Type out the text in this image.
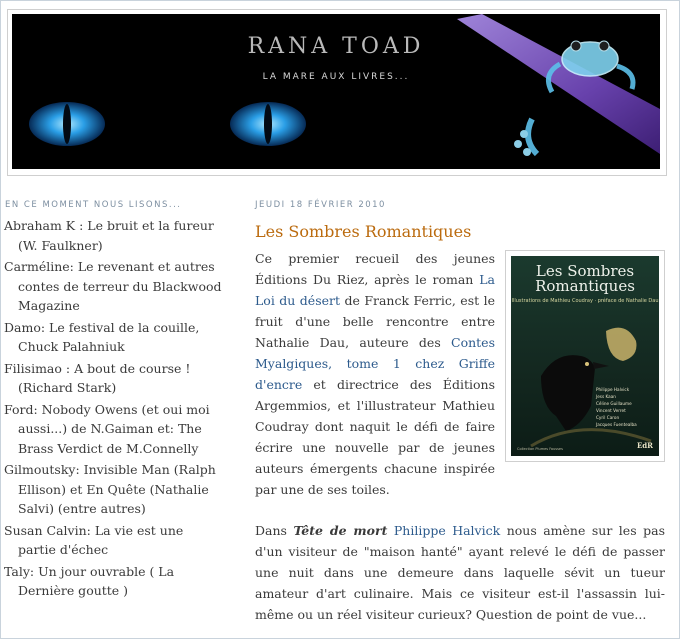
RANA TOAD
LA MARE AUX LIVRES...
EN CE MOMENT NOUS LISONS...
Abraham K : Le bruit et la fureur (W. Faulkner)
Carméline: Le revenant et autres contes de terreur du Blackwood Magazine
Damo: Le festival de la couille, Chuck Palahniuk
Filisimao : A bout de course ! (Richard Stark)
Ford: Nobody Owens (et oui moi aussi...) de N.Gaiman et: The Brass Verdict de M.Connelly
Gilmoutsky: Invisible Man (Ralph Ellison) et En Quête (Nathalie Salvi) (entre autres)
Susan Calvin: La vie est une partie d'échec
Taly: Un jour ouvrable ( La Dernière goutte )
JEUDI 18 FÉVRIER 2010
Les Sombres Romantiques

Ce premier recueil des jeunes Éditions Du Riez, après le roman La Loi du désert de Franck Ferric, est le fruit d'une belle rencontre entre Nathalie Dau, auteure des Contes Myalgiques, tome 1 chez Griffe d'encre et directrice des Éditions Argemmios, et l'illustrateur Mathieu Coudray dont naquit le défi de faire écrire une nouvelle par de jeunes auteurs émergents chacune inspirée par une de ses toiles.

Les Sombres
Romantiques
Illustrations de Mathieu Coudray · préface de Nathalie Dau
Philippe Halvick
Jess Kaan
Céline Guillaume
Vincent Verret
Cyril Caron
Jacques Fuentealba
Collection Plumes Fausses	EdR

Dans Tête de mort Philippe Halvick nous amène sur les pas d'un visiteur de "maison hanté" ayant relevé le défi de passer une nuit dans une demeure dans laquelle sévit un tueur amateur d'art culinaire. Mais ce visiteur est-il l'assassin lui-même ou un réel visiteur curieux? Question de point de vue...
